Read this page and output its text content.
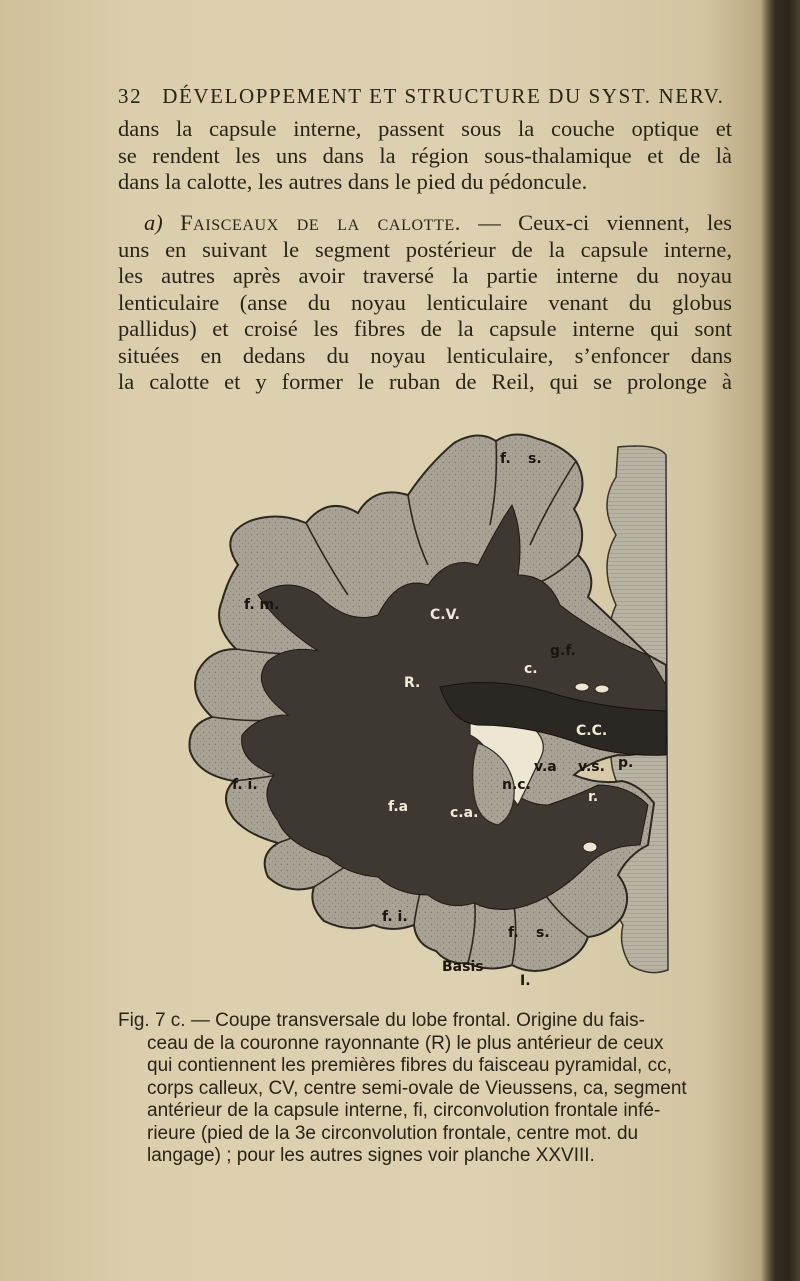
32 DÉVELOPPEMENT ET STRUCTURE DU SYST. NERV.
dans la capsule interne, passent sous la couche optique et
se rendent les uns dans la région sous-thalamique et de là
dans la calotte, les autres dans le pied du pédoncule.
a) Faisceaux de la calotte. — Ceux-ci viennent, les
uns en suivant le segment postérieur de la capsule interne,
les autres après avoir traversé la partie interne du noyau
lenticulaire (anse du noyau lenticulaire venant du globus
pallidus) et croisé les fibres de la capsule interne qui sont
situées en dedans du noyau lenticulaire, s’enfoncer dans
la calotte et y former le ruban de Reil, qui se prolonge à
f. s.
f. m.
C.V.
g.f.
c.
R.
C.C.
v.a v.s. p.
f. i.	n.c.
c.a.
f.a
r.
f. i.
f. s.
Basis
I.
Fig. 7 c. — Coupe transversale du lobe frontal. Origine du fais-
ceau de la couronne rayonnante (R) le plus antérieur de ceux
qui contiennent les premières fibres du faisceau pyramidal, cc,
corps calleux, CV, centre semi-ovale de Vieussens, ca, segment
antérieur de la capsule interne, fi, circonvolution frontale infé-
rieure (pied de la 3e circonvolution frontale, centre mot. du
langage) ; pour les autres signes voir planche XXVIII.
